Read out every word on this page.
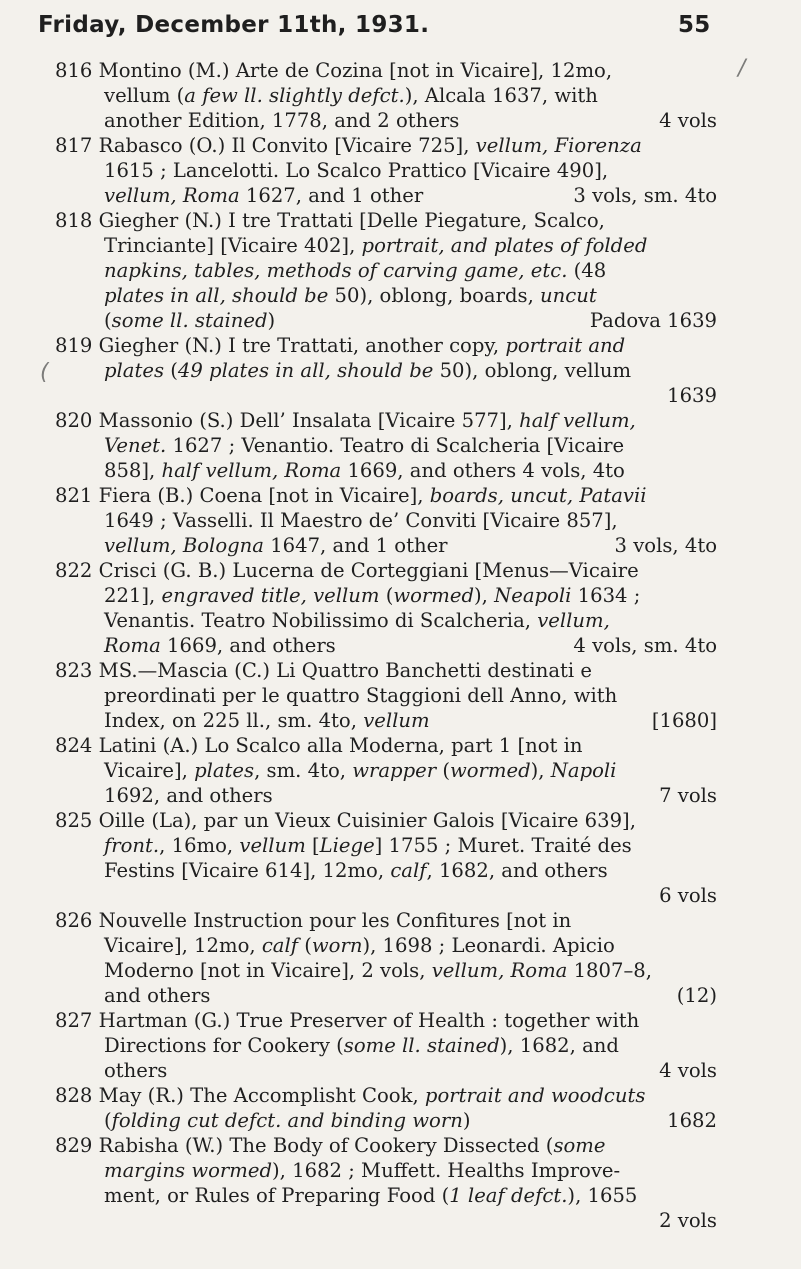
Friday, December 11th, 1931.	55
816 Montino (M.) Arte de Cozina [not in Vicaire], 12mo,
vellum (a few ll. slightly defct.), Alcala 1637, with
another Edition, 1778, and 2 others	4 vols
817 Rabasco (O.) Il Convito [Vicaire 725], vellum, Fiorenza
1615 ; Lancelotti. Lo Scalco Prattico [Vicaire 490],
vellum, Roma 1627, and 1 other	3 vols, sm. 4to
818 Giegher (N.) I tre Trattati [Delle Piegature, Scalco,
Trinciante] [Vicaire 402], portrait, and plates of folded
napkins, tables, methods of carving game, etc. (48
plates in all, should be 50), oblong, boards, uncut
(some ll. stained)	Padova 1639
819 Giegher (N.) I tre Trattati, another copy, portrait and
plates (49 plates in all, should be 50), oblong, vellum
1639
820 Massonio (S.) Dell’ Insalata [Vicaire 577], half vellum,
Venet. 1627 ; Venantio. Teatro di Scalcheria [Vicaire
858], half vellum, Roma 1669, and others 4 vols, 4to
821 Fiera (B.) Coena [not in Vicaire], boards, uncut, Patavii
1649 ; Vasselli. Il Maestro de’ Conviti [Vicaire 857],
vellum, Bologna 1647, and 1 other	3 vols, 4to
822 Crisci (G. B.) Lucerna de Corteggiani [Menus—Vicaire
221], engraved title, vellum (wormed), Neapoli 1634 ;
Venantis. Teatro Nobilissimo di Scalcheria, vellum,
Roma 1669, and others	4 vols, sm. 4to
823 MS.—Mascia (C.) Li Quattro Banchetti destinati e
preordinati per le quattro Staggioni dell Anno, with
Index, on 225 ll., sm. 4to, vellum	[1680]
824 Latini (A.) Lo Scalco alla Moderna, part 1 [not in
Vicaire], plates, sm. 4to, wrapper (wormed), Napoli
1692, and others	7 vols
825 Oille (La), par un Vieux Cuisinier Galois [Vicaire 639],
front., 16mo, vellum [Liege] 1755 ; Muret. Traité des
Festins [Vicaire 614], 12mo, calf, 1682, and others
6 vols
826 Nouvelle Instruction pour les Confitures [not in
Vicaire], 12mo, calf (worn), 1698 ; Leonardi. Apicio
Moderno [not in Vicaire], 2 vols, vellum, Roma 1807–8,
and others	(12)
827 Hartman (G.) True Preserver of Health : together with
Directions for Cookery (some ll. stained), 1682, and
others	4 vols
828 May (R.) The Accomplisht Cook, portrait and woodcuts
(folding cut defct. and binding worn)	1682
829 Rabisha (W.) The Body of Cookery Dissected (some
margins wormed), 1682 ; Muffett. Healths Improve-
ment, or Rules of Preparing Food (1 leaf defct.), 1655
2 vols
/
(
